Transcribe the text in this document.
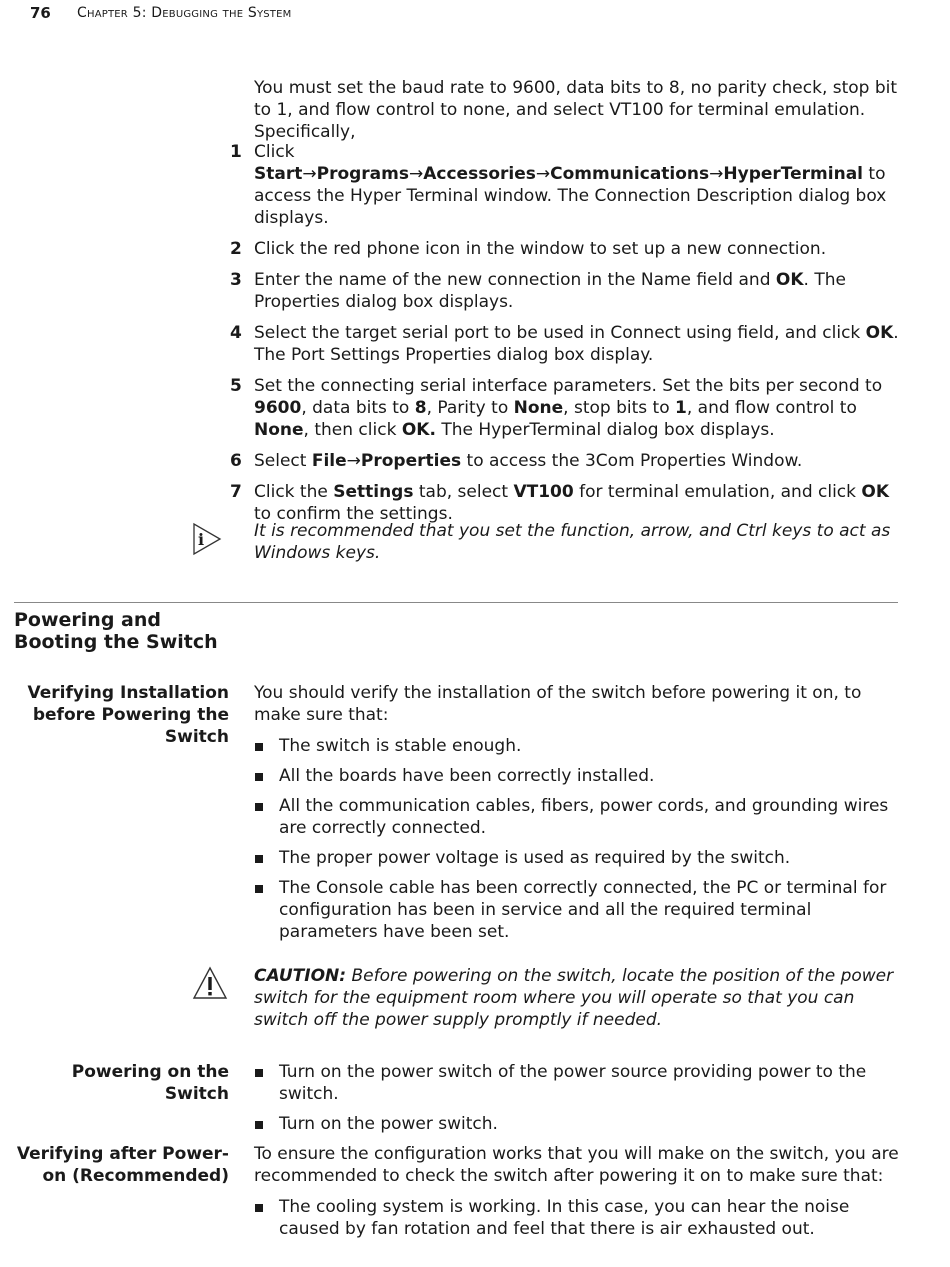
76 Chapter 5: Debugging the System
You must set the baud rate to 9600, data bits to 8, no parity check, stop bit to 1, and flow control to none, and select VT100 for terminal emulation. Specifically,
1 Click Start→Programs→Accessories→Communications→HyperTerminal to access the Hyper Terminal window. The Connection Description dialog box displays.
2 Click the red phone icon in the window to set up a new connection.
3 Enter the name of the new connection in the Name field and OK. The Properties dialog box displays.
4 Select the target serial port to be used in Connect using field, and click OK. The Port Settings Properties dialog box display.
5 Set the connecting serial interface parameters. Set the bits per second to 9600, data bits to 8, Parity to None, stop bits to 1, and flow control to None, then click OK. The HyperTerminal dialog box displays.
6 Select File→Properties to access the 3Com Properties Window.
7 Click the Settings tab, select VT100 for terminal emulation, and click OK to confirm the settings.
i	It is recommended that you set the function, arrow, and Ctrl keys to act as Windows keys.
Powering and Booting the Switch
Verifying Installation before Powering the Switch
You should verify the installation of the switch before powering it on, to make sure that:
The switch is stable enough.
All the boards have been correctly installed.
All the communication cables, fibers, power cords, and grounding wires are correctly connected.
The proper power voltage is used as required by the switch.
The Console cable has been correctly connected, the PC or terminal for configuration has been in service and all the required terminal parameters have been set.
CAUTION: Before powering on the switch, locate the position of the power switch for the equipment room where you will operate so that you can switch off the power supply promptly if needed.
Powering on the Switch
Turn on the power switch of the power source providing power to the switch.
Turn on the power switch.
Verifying after Power-on (Recommended)
To ensure the configuration works that you will make on the switch, you are recommended to check the switch after powering it on to make sure that:
The cooling system is working. In this case, you can hear the noise caused by fan rotation and feel that there is air exhausted out.
